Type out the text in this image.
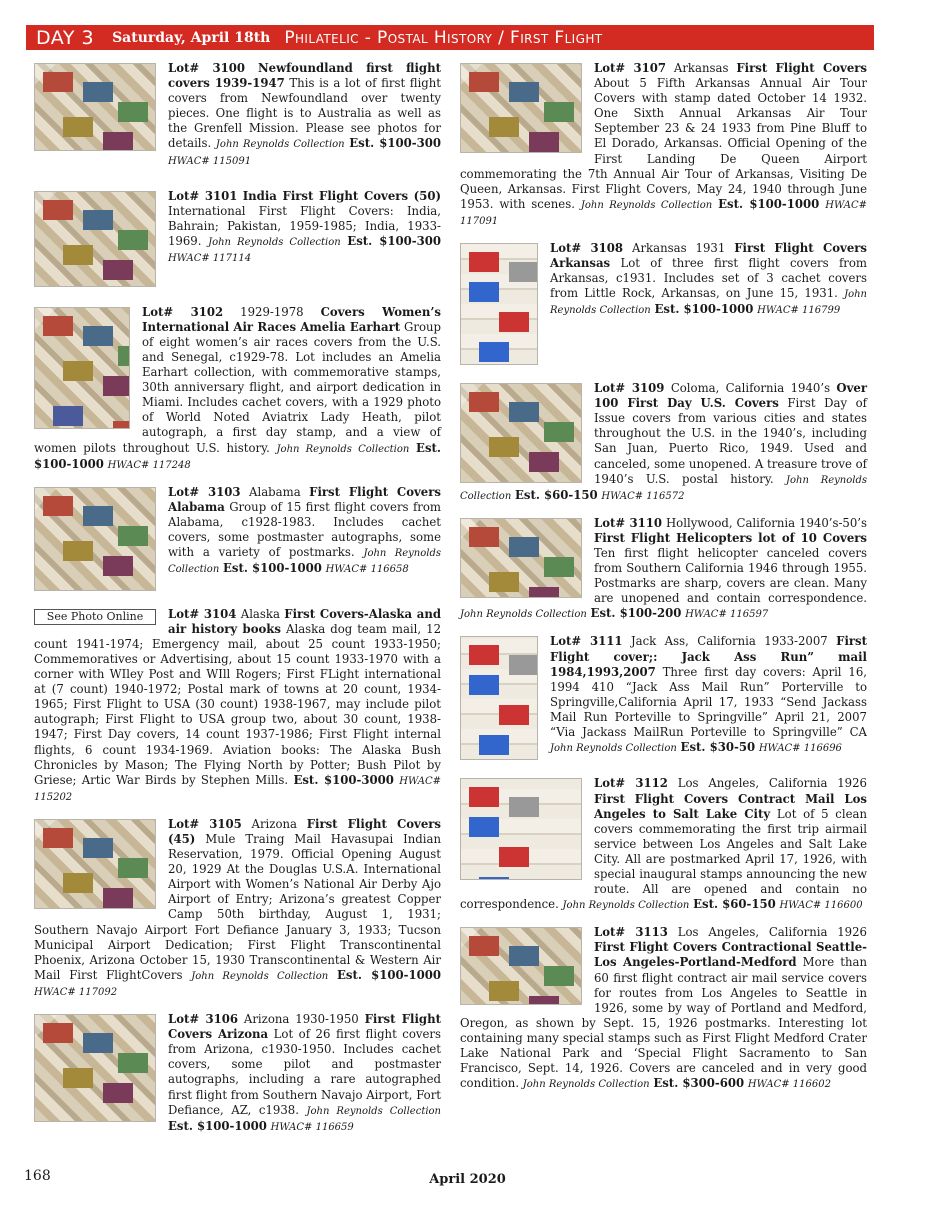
DAY 3 Saturday, April 18th Philatelic - Postal History / First Flight
Lot# 3100 Newfoundland first flight covers 1939-1947 This is a lot of first flight covers from Newfoundland over twenty pieces. One flight is to Australia as well as the Grenfell Mission. Please see photos for details. John Reynolds Collection Est. $100-300 HWAC# 115091
Lot# 3101 India First Flight Covers (50) International First Flight Covers: India, Bahrain; Pakistan, 1959-1985; India, 1933-1969. John Reynolds Collection Est. $100-300 HWAC# 117114
Lot# 3102 1929-1978 Covers Women’s International Air Races Amelia Earhart Group of eight women’s air races covers from the U.S. and Senegal, c1929-78. Lot includes an Amelia Earhart collection, with commemorative stamps, 30th anniversary flight, and airport dedication in Miami. Includes cachet covers, with a 1929 photo of World Noted Aviatrix Lady Heath, pilot autograph, a first day stamp, and a view of women pilots throughout U.S. history. John Reynolds Collection Est. $100-1000 HWAC# 117248
Lot# 3103 Alabama First Flight Covers Alabama Group of 15 first flight covers from Alabama, c1928-1983. Includes cachet covers, some postmaster autographs, some with a variety of postmarks. John Reynolds Collection Est. $100-1000 HWAC# 116658
See Photo Online	Lot# 3104 Alaska First Covers-Alaska and air history books Alaska dog team mail, 12 count 1941-1974; Emergency mail, about 25 count 1933-1950; Commemoratives or Advertising, about 15 count 1933-1970 with a corner with WIley Post and WIll Rogers; First FLight international at (7 count) 1940-1972; Postal mark of towns at 20 count, 1934-1965; First Flight to USA (30 count) 1938-1967, may include pilot autograph; First Flight to USA group two, about 30 count, 1938-1947; First Day covers, 14 count 1937-1986; First Flight internal flights, 6 count 1934-1969. Aviation books: The Alaska Bush Chronicles by Mason; The Flying North by Potter; Bush Pilot by Griese; Artic War Birds by Stephen Mills. Est. $100-3000 HWAC# 115202
Lot# 3105 Arizona First Flight Covers (45) Mule Traing Mail Havasupai Indian Reservation, 1979. Official Opening August 20, 1929 At the Douglas U.S.A. International Airport with Women’s National Air Derby Ajo Airport of Entry; Arizona’s greatest Copper Camp 50th birthday, August 1, 1931; Southern Navajo Airport Fort Defiance January 3, 1933; Tucson Municipal Airport Dedication; First Flight Transcontinental Phoenix, Arizona October 15, 1930 Transcontinental & Western Air Mail First FlightCovers John Reynolds Collection Est. $100-1000 HWAC# 117092
Lot# 3106 Arizona 1930-1950 First Flight Covers Arizona Lot of 26 first flight covers from Arizona, c1930-1950. Includes cachet covers, some pilot and postmaster autographs, including a rare autographed first flight from Southern Navajo Airport, Fort Defiance, AZ, c1938. John Reynolds Collection Est. $100-1000 HWAC# 116659
Lot# 3107 Arkansas First Flight Covers About 5 Fifth Arkansas Annual Air Tour Covers with stamp dated October 14 1932. One Sixth Annual Arkansas Air Tour September 23 & 24 1933 from Pine Bluff to El Dorado, Arkansas. Official Opening of the First Landing De Queen Airport commemorating the 7th Annual Air Tour of Arkansas, Visiting De Queen, Arkansas. First Flight Covers, May 24, 1940 through June 1953. with scenes. John Reynolds Collection Est. $100-1000 HWAC# 117091
Lot# 3108 Arkansas 1931 First Flight Covers Arkansas Lot of three first flight covers from Arkansas, c1931. Includes set of 3 cachet covers from Little Rock, Arkansas, on June 15, 1931. John Reynolds Collection Est. $100-1000 HWAC# 116799
Lot# 3109 Coloma, California 1940’s Over 100 First Day U.S. Covers First Day of Issue covers from various cities and states throughout the U.S. in the 1940’s, including San Juan, Puerto Rico, 1949. Used and canceled, some unopened. A treasure trove of 1940’s U.S. postal history. John Reynolds Collection Est. $60-150 HWAC# 116572
Lot# 3110 Hollywood, California 1940’s-50’s First Flight Helicopters lot of 10 Covers Ten first flight helicopter canceled covers from Southern California 1946 through 1955. Postmarks are sharp, covers are clean. Many are unopened and contain correspondence. John Reynolds Collection Est. $100-200 HWAC# 116597
Lot# 3111 Jack Ass, California 1933-2007 First Flight cover;: Jack Ass Run” mail 1984,1993,2007 Three first day covers: April 16, 1994 410 “Jack Ass Mail Run” Porterville to Springville,California April 17, 1933 “Send Jackass Mail Run Porteville to Springville” April 21, 2007 “Via Jackass MailRun Porteville to Springville” CA John Reynolds Collection Est. $30-50 HWAC# 116696
Lot# 3112 Los Angeles, California 1926 First Flight Covers Contract Mail Los Angeles to Salt Lake City Lot of 5 clean covers commemorating the first trip airmail service between Los Angeles and Salt Lake City. All are postmarked April 17, 1926, with special inaugural stamps announcing the new route. All are opened and contain no correspondence. John Reynolds Collection Est. $60-150 HWAC# 116600
Lot# 3113 Los Angeles, California 1926 First Flight Covers Contractional Seattle-Los Angeles-Portland-Medford More than 60 first flight contract air mail service covers for routes from Los Angeles to Seattle in 1926, some by way of Portland and Medford, Oregon, as shown by Sept. 15, 1926 postmarks. Interesting lot containing many special stamps such as First Flight Medford Crater Lake National Park and ‘Special Flight Sacramento to San Francisco, Sept. 14, 1926. Covers are canceled and in very good condition. John Reynolds Collection Est. $300-600 HWAC# 116602
168	April 2020
